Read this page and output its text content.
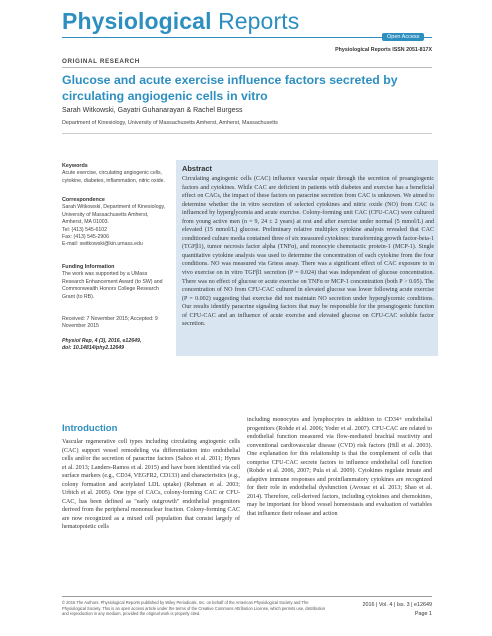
Physiological Reports
Open Access
Physiological Reports ISSN 2051-817X
ORIGINAL RESEARCH
Glucose and acute exercise influence factors secreted by circulating angiogenic cells in vitro
Sarah Witkowski, Gayatri Guhanarayan & Rachel Burgess
Department of Kinesiology, University of Massachusetts Amherst, Amherst, Massachusetts
Keywords
Acute exercise, circulating angiogenic cells, cytokine, diabetes, inflammation, nitric oxide.
Correspondence
Sarah Witkowski, Department of Kinesiology,
University of Massachusetts Amherst,
Amherst, MA 01003.
Tel: (413) 545-6102
Fax: (413) 545-2906
E-mail: switkowski@kin.umass.edu
Funding Information
The work was supported by a UMass Research Enhancement Award (to SW) and Commonwealth Honors College Research Grant (to RB).
Received: 7 November 2015; Accepted: 9 November 2015
Physiol Rep, 4 (3), 2016, e12649,
doi: 10.14814/phy2.12649
Abstract
Circulating angiogenic cells (CAC) influence vascular repair through the secretion of proangiogenic factors and cytokines. While CAC are deficient in patients with diabetes and exercise has a beneficial effect on CACs, the impact of these factors on paracrine secretion from CAC is unknown. We aimed to determine whether the in vitro secretion of selected cytokines and nitric oxide (NO) from CAC is influenced by hyperglycemia and acute exercise. Colony-forming unit CAC (CFU-CAC) were cultured from young active men (n = 9, 24 ± 2 years) at rest and after exercise under normal (5 mmol/L) and elevated (15 mmol/L) glucose. Preliminary relative multiplex cytokine analysis revealed that CAC conditioned culture media contained three of six measured cytokines: transforming growth factor-beta-1 (TGFβ1), tumor necrosis factor alpha (TNFα), and monocyte chemotactic protein-1 (MCP-1). Single quantitative cytokine analysis was used to determine the concentration of each cytokine from the four conditions. NO was measured via Griess assay. There was a significant effect of CAC exposure to in vivo exercise on in vitro TGFβ1 secretion (P = 0.024) that was independent of glucose concentration. There was no effect of glucose or acute exercise on TNFα or MCP-1 concentration (both P > 0.05). The concentration of NO from CFU-CAC cultured in elevated glucose was lower following acute exercise (P = 0.002) suggesting that exercise did not maintain NO secretion under hyperglycemic conditions. Our results identify paracrine signaling factors that may be responsible for the proangiogenic function of CFU-CAC and an influence of acute exercise and elevated glucose on CFU-CAC soluble factor secretion.
Introduction
Vascular regenerative cell types including circulating angiogenic cells (CAC) support vessel remodeling via differentiation into endothelial cells and/or the secretion of paracrine factors (Sahoo et al. 2011; Hynes et al. 2013; Landers-Ramos et al. 2015) and have been identified via cell surface markers (e.g., CD34, VEGFR2, CD133) and characteristics (e.g., colony formation and acetylated LDL uptake) (Rehman et al. 2003; Urbich et al. 2005). One type of CACs, colony-forming CAC or CFU-CAC, has been defined as "early outgrowth" endothelial progenitors derived from the peripheral mononuclear fraction. Colony-forming CAC are now recognized as a mixed cell population that consist largely of hematopoietic cells
including monocytes and lymphocytes in addition to CD34+ endothelial progenitors (Rohde et al. 2006; Yoder et al. 2007). CFU-CAC are related to endothelial function measured via flow-mediated brachial reactivity and conventional cardiovascular disease (CVD) risk factors (Hill et al. 2003). One explanation for this relationship is that the complement of cells that comprise CFU-CAC secrete factors to influence endothelial cell function (Rohde et al. 2006, 2007; Pula et al. 2009). Cytokines regulate innate and adaptive immune responses and proinflammatory cytokines are recognized for their role in endothelial dysfunction (Avouac et al. 2013; Shao et al. 2014). Therefore, cell-derived factors, including cytokines and chemokines, may be important for blood vessel homeostasis and evaluation of variables that influence their release and action
© 2016 The Authors. Physiological Reports published by Wiley Periodicals, Inc. on behalf of the American Physiological Society and The Physiological Society. This is an open access article under the terms of the Creative Commons Attribution License, which permits use, distribution and reproduction in any medium, provided the original work is properly cited.
2016 | Vol. 4 | Iss. 3 | e12649
Page 1
